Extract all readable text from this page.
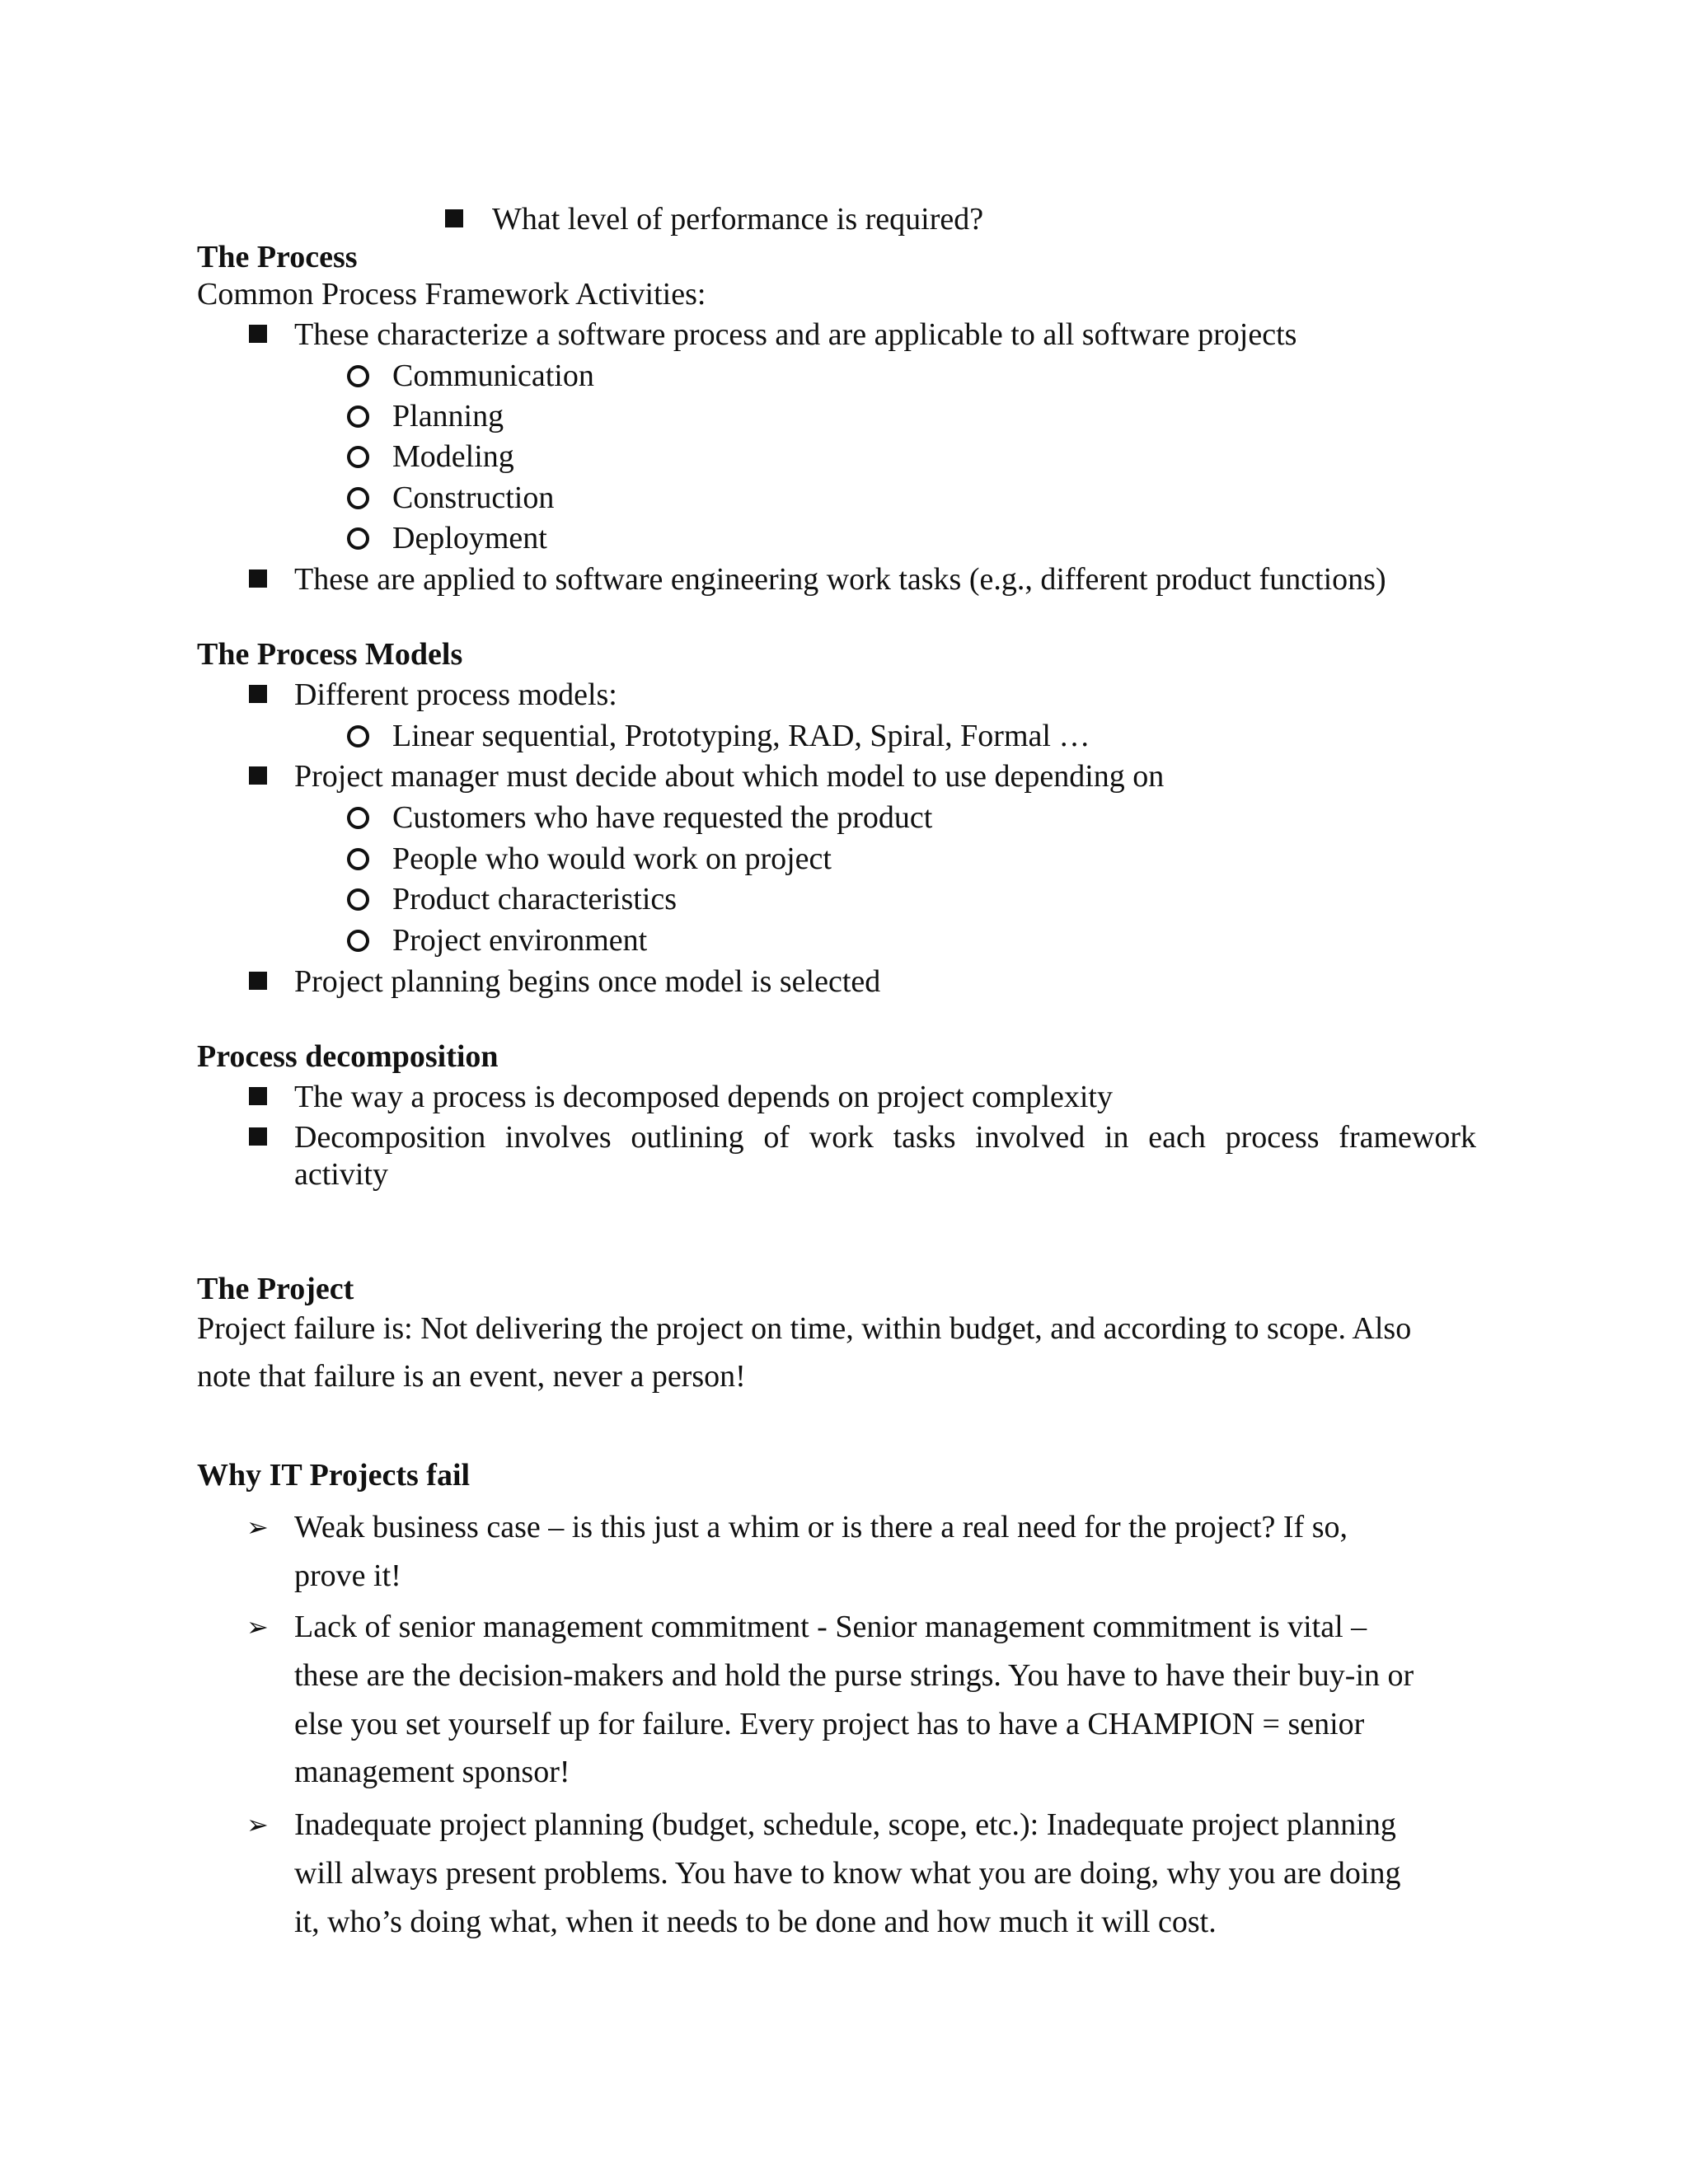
What level of performance is required?
The Process
Common Process Framework Activities:
These characterize a software process and are applicable to all software projects
Communication
Planning
Modeling
Construction
Deployment
These are applied to software engineering work tasks (e.g., different product functions)
The Process Models
Different process models:
Linear sequential, Prototyping, RAD, Spiral, Formal …
Project manager must decide about which model to use depending on
Customers who have requested the product
People who would work on project
Product characteristics
Project environment
Project planning begins once model is selected
Process decomposition
The way a process is decomposed depends on project complexity
Decomposition involves outlining of work tasks involved in each process framework
activity
The Project
Project failure is: Not delivering the project on time, within budget, and according to scope. Also
note that failure is an event, never a person!
Why IT Projects fail
➢ Weak business case – is this just a whim or is there a real need for the project? If so,
prove it!
➢ Lack of senior management commitment - Senior management commitment is vital –
these are the decision-makers and hold the purse strings. You have to have their buy-in or
else you set yourself up for failure. Every project has to have a CHAMPION = senior
management sponsor!
➢ Inadequate project planning (budget, schedule, scope, etc.): Inadequate project planning
will always present problems. You have to know what you are doing, why you are doing
it, who’s doing what, when it needs to be done and how much it will cost.
